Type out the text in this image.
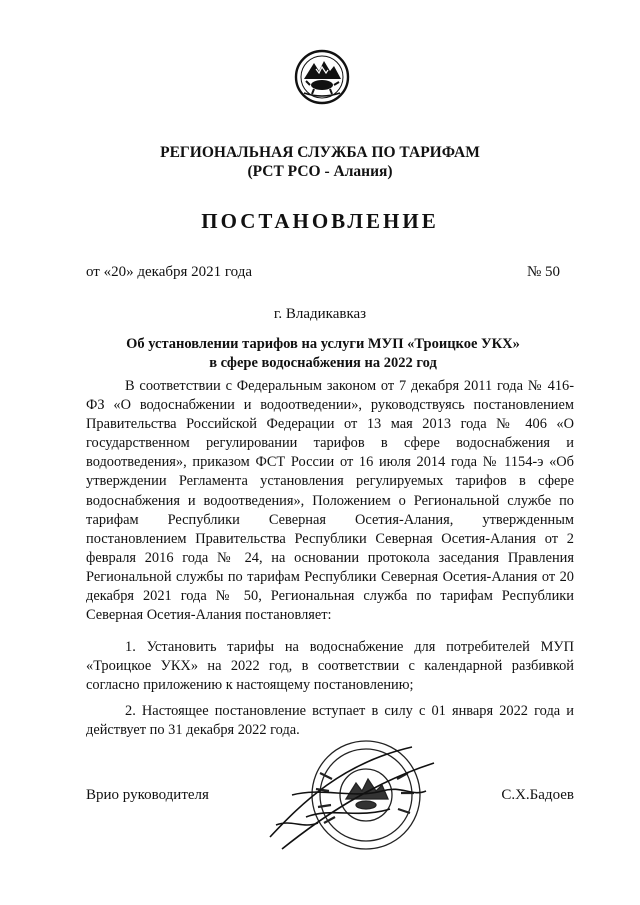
РЕГИОНАЛЬНАЯ СЛУЖБА ПО ТАРИФАМ
(РСТ РСО - Алания)
ПОСТАНОВЛЕНИЕ
от «20» декабря 2021 года	№ 50
г. Владикавказ
Об установлении тарифов на услуги МУП «Троицкое УКХ»
в сфере водоснабжения на 2022 год

В соответствии с Федеральным законом от 7 декабря 2011 года № 416-ФЗ «О водоснабжении и водоотведении», руководствуясь постановлением Правительства Российской Федерации от 13 мая 2013 года № 406 «О государственном регулировании тарифов в сфере водоснабжения и водоотведения», приказом ФСТ России от 16 июля 2014 года № 1154-э «Об утверждении Регламента установления регулируемых тарифов в сфере водоснабжения и водоотведения», Положением о Региональной службе по тарифам Республики Северная Осетия-Алания, утвержденным постановлением Правительства Республики Северная Осетия-Алания от 2 февраля 2016 года № 24, на основании протокола заседания Правления Региональной службы по тарифам Республики Северная Осетия-Алания от 20 декабря 2021 года № 50, Региональная служба по тарифам Республики Северная Осетия-Алания постановляет:

1. Установить тарифы на водоснабжение для потребителей МУП «Троицкое УКХ» на 2022 год, в соответствии с календарной разбивкой согласно приложению к настоящему постановлению;

2. Настоящее постановление вступает в силу с 01 января 2022 года и действует по 31 декабря 2022 года.

Врио руководителя	С.Х.Бадоев
